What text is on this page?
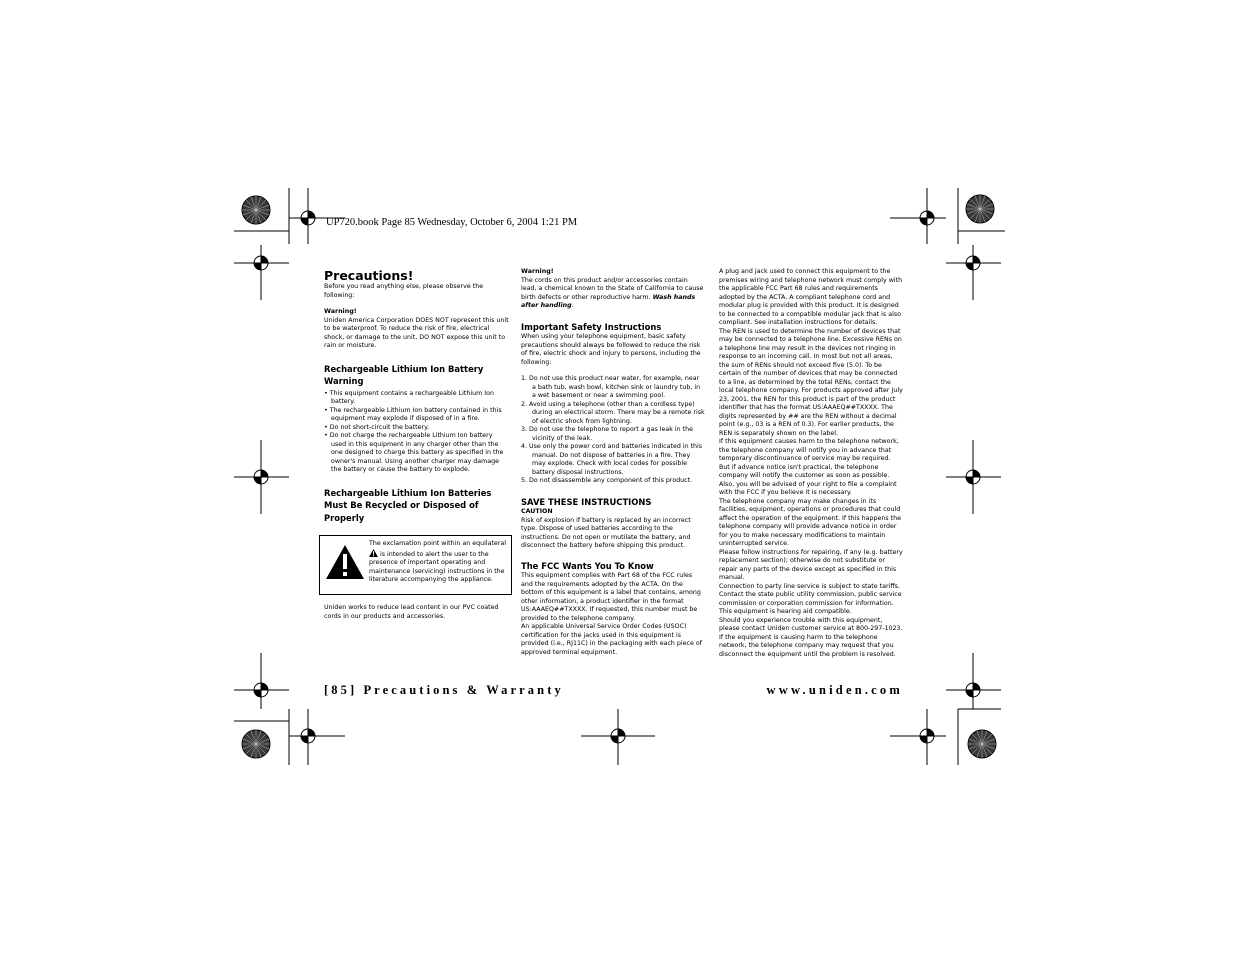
UP720.book Page 85 Wednesday, October 6, 2004 1:21 PM

Precautions!

Before you read anything else, please observe the following:

Warning!

Uniden America Corporation DOES NOT represent this unit to be waterproof. To reduce the risk of fire, electrical shock, or damage to the unit, DO NOT expose this unit to rain or moisture.

Rechargeable Lithium Ion Battery Warning

• This equipment contains a rechargeable Lithium Ion battery.
• The rechargeable Lithium Ion battery contained in this equipment may explode if disposed of in a fire.
• Do not short-circuit the battery.
• Do not charge the rechargeable Lithium Ion battery used in this equipment in any charger other than the one designed to charge this battery as specified in the owner's manual. Using another charger may damage the battery or cause the battery to explode.

Rechargeable Lithium Ion Batteries Must Be Recycled or Disposed of Properly

The exclamation point within an equilateral

is intended to alert the user to the presence of important operating and maintenance (servicing) instructions in the literature accompanying the appliance.

Uniden works to reduce lead content in our PVC coated cords in our products and accessories.

Warning!

The cords on this product and/or accessories contain lead, a chemical known to the State of California to cause birth defects or other reproductive harm. Wash hands after handling.

Important Safety Instructions

When using your telephone equipment, basic safety precautions should always be followed to reduce the risk of fire, electric shock and injury to persons, including the following:

1. Do not use this product near water, for example, near a bath tub, wash bowl, kitchen sink or laundry tub, in a wet basement or near a swimming pool.
2. Avoid using a telephone (other than a cordless type) during an electrical storm. There may be a remote risk of electric shock from lightning.
3. Do not use the telephone to report a gas leak in the vicinity of the leak.
4. Use only the power cord and batteries indicated in this manual. Do not dispose of batteries in a fire. They may explode. Check with local codes for possible battery disposal instructions.
5. Do not disassemble any component of this product.

SAVE THESE INSTRUCTIONS

CAUTION

Risk of explosion if battery is replaced by an incorrect type. Dispose of used batteries according to the instructions. Do not open or mutilate the battery, and disconnect the battery before shipping this product.

The FCC Wants You To Know

This equipment complies with Part 68 of the FCC rules and the requirements adopted by the ACTA. On the bottom of this equipment is a label that contains, among other information, a product identifier in the format US:AAAEQ##TXXXX. If requested, this number must be provided to the telephone company.

An applicable Universal Service Order Codes (USOC) certification for the jacks used in this equipment is provided (i.e., RJ11C) in the packaging with each piece of approved terminal equipment.

A plug and jack used to connect this equipment to the premises wiring and telephone network must comply with the applicable FCC Part 68 rules and requirements adopted by the ACTA. A compliant telephone cord and modular plug is provided with this product. It is designed to be connected to a compatible modular jack that is also compliant. See installation instructions for details.

The REN is used to determine the number of devices that may be connected to a telephone line. Excessive RENs on a telephone line may result in the devices not ringing in response to an incoming call. In most but not all areas, the sum of RENs should not exceed five (5.0). To be certain of the number of devices that may be connected to a line, as determined by the total RENs, contact the local telephone company. For products approved after July 23, 2001, the REN for this product is part of the product identifier that has the format US:AAAEQ##TXXXX. The digits represented by ## are the REN without a decimal point (e.g., 03 is a REN of 0.3). For earlier products, the REN is separately shown on the label.

If this equipment causes harm to the telephone network, the telephone company will notify you in advance that temporary discontinuance of service may be required. But if advance notice isn't practical, the telephone company will notify the customer as soon as possible. Also, you will be advised of your right to file a complaint with the FCC if you believe it is necessary.

The telephone company may make changes in its facilities, equipment, operations or procedures that could affect the operation of the equipment. If this happens the telephone company will provide advance notice in order for you to make necessary modifications to maintain uninterrupted service.

Please follow instructions for repairing, if any (e.g. battery replacement section); otherwise do not substitute or repair any parts of the device except as specified in this manual.

Connection to party line service is subject to state tariffs. Contact the state public utility commission, public service commission or corporation commission for information. This equipment is hearing aid compatible.

Should you experience trouble with this equipment, please contact Uniden customer service at 800-297-1023. If the equipment is causing harm to the telephone network, the telephone company may request that you disconnect the equipment until the problem is resolved.

[85] Precautions & Warranty	www.uniden.com
